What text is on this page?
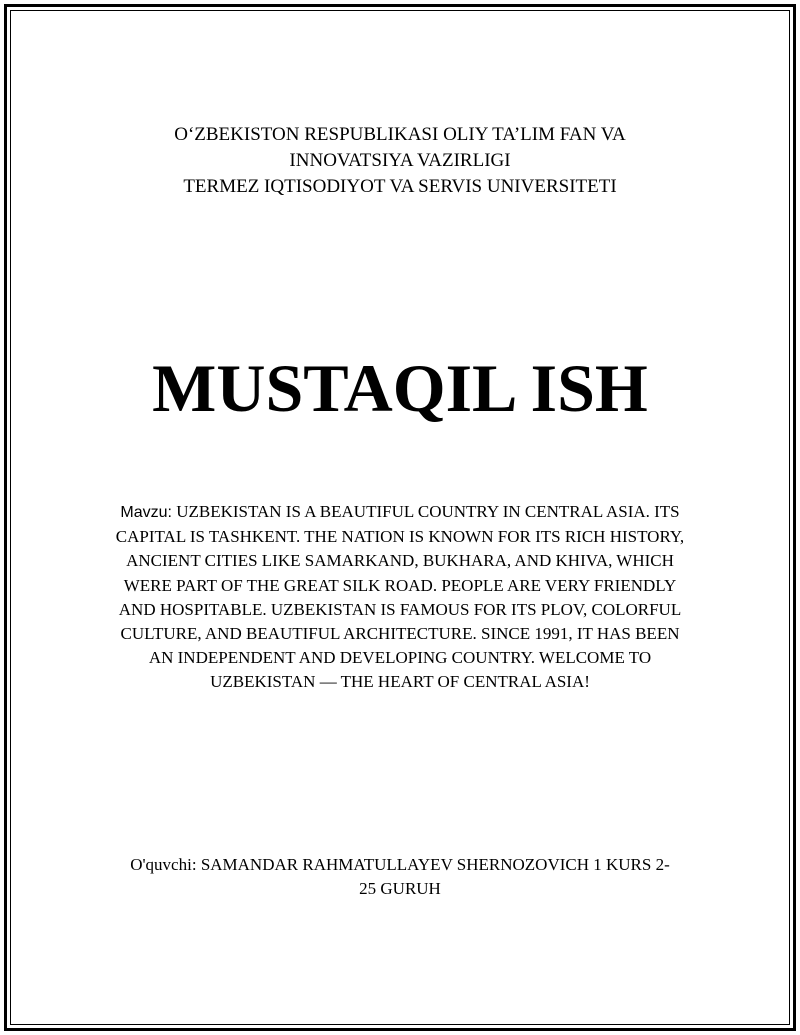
O‘ZBEKISTON RESPUBLIKASI OLIY TA’LIM FAN VA
INNOVATSIYA VAZIRLIGI
TERMEZ IQTISODIYOT VA SERVIS UNIVERSITETI
MUSTAQIL ISH
Mavzu: UZBEKISTAN IS A BEAUTIFUL COUNTRY IN CENTRAL ASIA. ITS CAPITAL IS TASHKENT. THE NATION IS KNOWN FOR ITS RICH HISTORY, ANCIENT CITIES LIKE SAMARKAND, BUKHARA, AND KHIVA, WHICH WERE PART OF THE GREAT SILK ROAD. PEOPLE ARE VERY FRIENDLY AND HOSPITABLE. UZBEKISTAN IS FAMOUS FOR ITS PLOV, COLORFUL CULTURE, AND BEAUTIFUL ARCHITECTURE. SINCE 1991, IT HAS BEEN AN INDEPENDENT AND DEVELOPING COUNTRY. WELCOME TO UZBEKISTAN — THE HEART OF CENTRAL ASIA!
O'quvchi: SAMANDAR RAHMATULLAYEV SHERNOZOVICH 1 KURS 2-25 GURUH
